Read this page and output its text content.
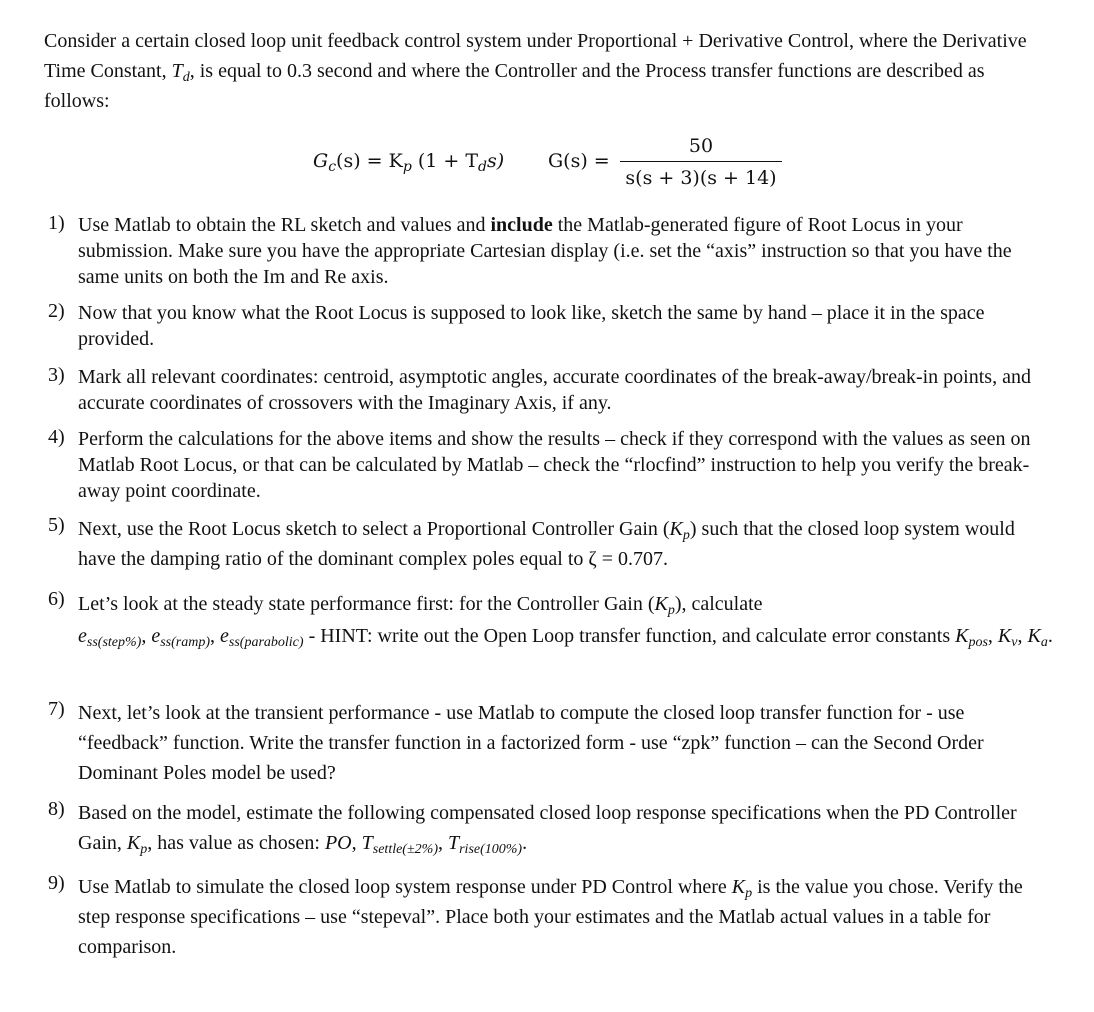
Consider a certain closed loop unit feedback control system under Proportional + Derivative Control, where the Derivative Time Constant, $T_d$, is equal to 0.3 second and where the Controller and the Process transfer functions are described as follows:

$G_c(s) = K_p$ $(1 + T_ds)$ G(s) =
50
s(s + 3)(s + 14)
1) Use Matlab to obtain the RL sketch and values and include the Matlab-generated figure of Root Locus in your submission. Make sure you have the appropriate Cartesian display (i.e. set the “axis” instruction so that you have the same units on both the Im and Re axis.
2) Now that you know what the Root Locus is supposed to look like, sketch the same by hand – place it in the space provided.
3) Mark all relevant coordinates: centroid, asymptotic angles, accurate coordinates of the break-away/break-in points, and accurate coordinates of crossovers with the Imaginary Axis, if any.
4) Perform the calculations for the above items and show the results – check if they correspond with the values as seen on Matlab Root Locus, or that can be calculated by Matlab – check the “rlocfind” instruction to help you verify the break-away point coordinate.
5) Next, use the Root Locus sketch to select a Proportional Controller Gain $(K_p)$ such that the closed loop system would have the damping ratio of the dominant complex poles equal to ζ = 0.707.
6) Let’s look at the steady state performance first: for the Controller Gain $(K_p)$, calculate
$e_{ss(step\%)}$, $e_{ss(ramp)}$, $e_{ss(parabolic)}$ - HINT: write out the Open Loop transfer function, and calculate error constants $K_{pos}$, $K_v$, $K_a$.
7) Next, let’s look at the transient performance - use Matlab to compute the closed loop transfer function for - use “feedback” function. Write the transfer function in a factorized form - use “zpk” function – can the Second Order Dominant Poles model be used?
8) Based on the model, estimate the following compensated closed loop response specifications when the PD Controller Gain, $K_p$, has value as chosen: PO, $T_{settle(\pm 2\%)}$, $T_{rise(100\%)}$.
9) Use Matlab to simulate the closed loop system response under PD Control where $K_p$ is the value you chose. Verify the step response specifications – use “stepeval”. Place both your estimates and the Matlab actual values in a table for comparison.
